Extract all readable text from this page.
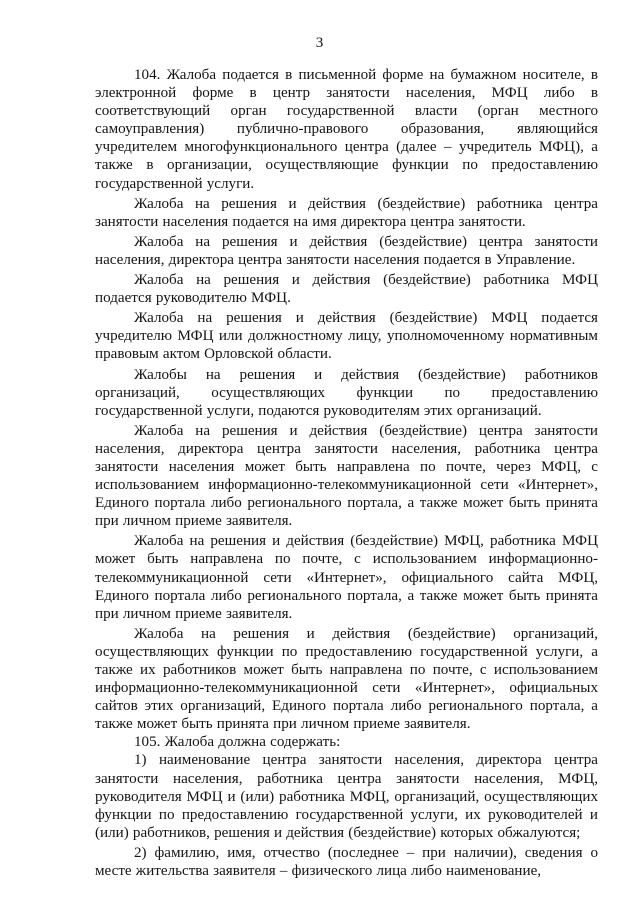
3

104. Жалоба подается в письменной форме на бумажном носителе, в электронной форме в центр занятости населения, МФЦ либо в соответствующий орган государственной власти (орган местного самоуправления) публично-правового образования, являющийся учредителем многофункционального центра (далее – учредитель МФЦ), а также в организации, осуществляющие функции по предоставлению государственной услуги.

Жалоба на решения и действия (бездействие) работника центра занятости населения подается на имя директора центра занятости.

Жалоба на решения и действия (бездействие) центра занятости населения, директора центра занятости населения подается в Управление.

Жалоба на решения и действия (бездействие) работника МФЦ подается руководителю МФЦ.

Жалоба на решения и действия (бездействие) МФЦ подается учредителю МФЦ или должностному лицу, уполномоченному нормативным правовым актом Орловской области.

Жалобы на решения и действия (бездействие) работников организаций, осуществляющих функции по предоставлению государственной услуги, подаются руководителям этих организаций.

Жалоба на решения и действия (бездействие) центра занятости населения, директора центра занятости населения, работника центра занятости населения может быть направлена по почте, через МФЦ, с использованием информационно-телекоммуникационной сети «Интернет», Единого портала либо регионального портала, а также может быть принята при личном приеме заявителя.

Жалоба на решения и действия (бездействие) МФЦ, работника МФЦ может быть направлена по почте, с использованием информационно-телекоммуникационной сети «Интернет», официального сайта МФЦ, Единого портала либо регионального портала, а также может быть принята при личном приеме заявителя.

Жалоба на решения и действия (бездействие) организаций, осуществляющих функции по предоставлению государственной услуги, а также их работников может быть направлена по почте, с использованием информационно-телекоммуникационной сети «Интернет», официальных сайтов этих организаций, Единого портала либо регионального портала, а также может быть принята при личном приеме заявителя.

105. Жалоба должна содержать:

1) наименование центра занятости населения, директора центра занятости населения, работника центра занятости населения, МФЦ, руководителя МФЦ и (или) работника МФЦ, организаций, осуществляющих функции по предоставлению государственной услуги, их руководителей и (или) работников, решения и действия (бездействие) которых обжалуются;

2) фамилию, имя, отчество (последнее – при наличии), сведения о месте жительства заявителя – физического лица либо наименование,
